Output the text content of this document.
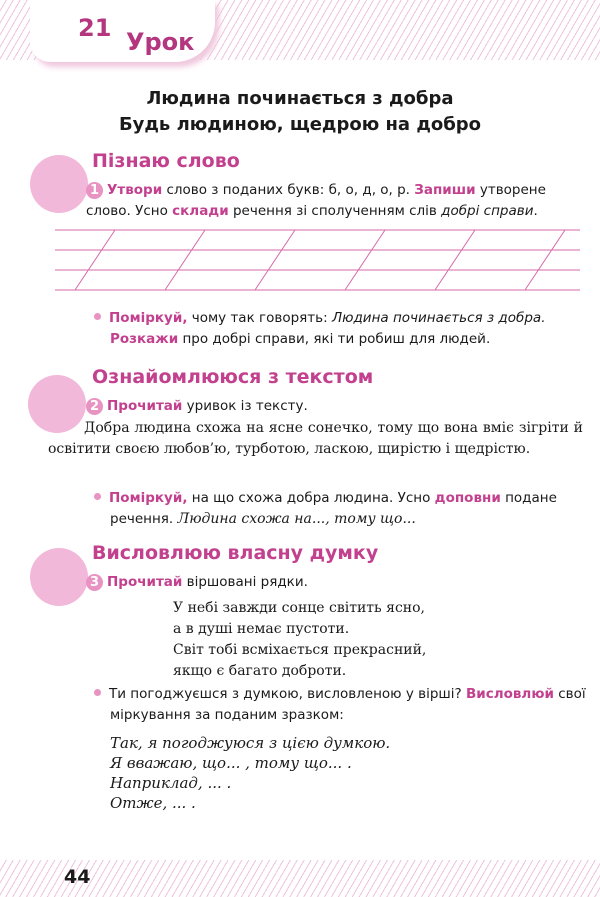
Урок
21
Людина починається з добра
Будь людиною, щедрою на добро
Пізнаю слово
1 Утвори слово з поданих букв: б, о, д, о, р. Запиши утворене слово. Усно склади речення зі сполученням слів добрі справи.
Поміркуй, чому так говорять: Людина починається з добра.
Розкажи про добрі справи, які ти робиш для людей.
Ознайомлююся з текстом
2 Прочитай уривок із тексту.
Добра людина схожа на ясне сонечко, тому що вона вміє зігріти й освітити своєю любов’ю, турботою, ласкою, щирістю і щедрістю.
Поміркуй, на що схожа добра людина. Усно доповни подане речення. Людина схожа на..., тому що...
Висловлюю власну думку
3 Прочитай віршовані рядки.
У небі завжди сонце світить ясно,
а в душі немає пустоти.
Світ тобі всміхається прекрасний,
якщо є багато доброти.
Ти погоджуєшся з думкою, висловленою у вірші? Висловлюй свої міркування за поданим зразком:
Так, я погоджуюся з цією думкою.
Я вважаю, що... , тому що... .
Наприклад, ... .
Отже, ... .
44
